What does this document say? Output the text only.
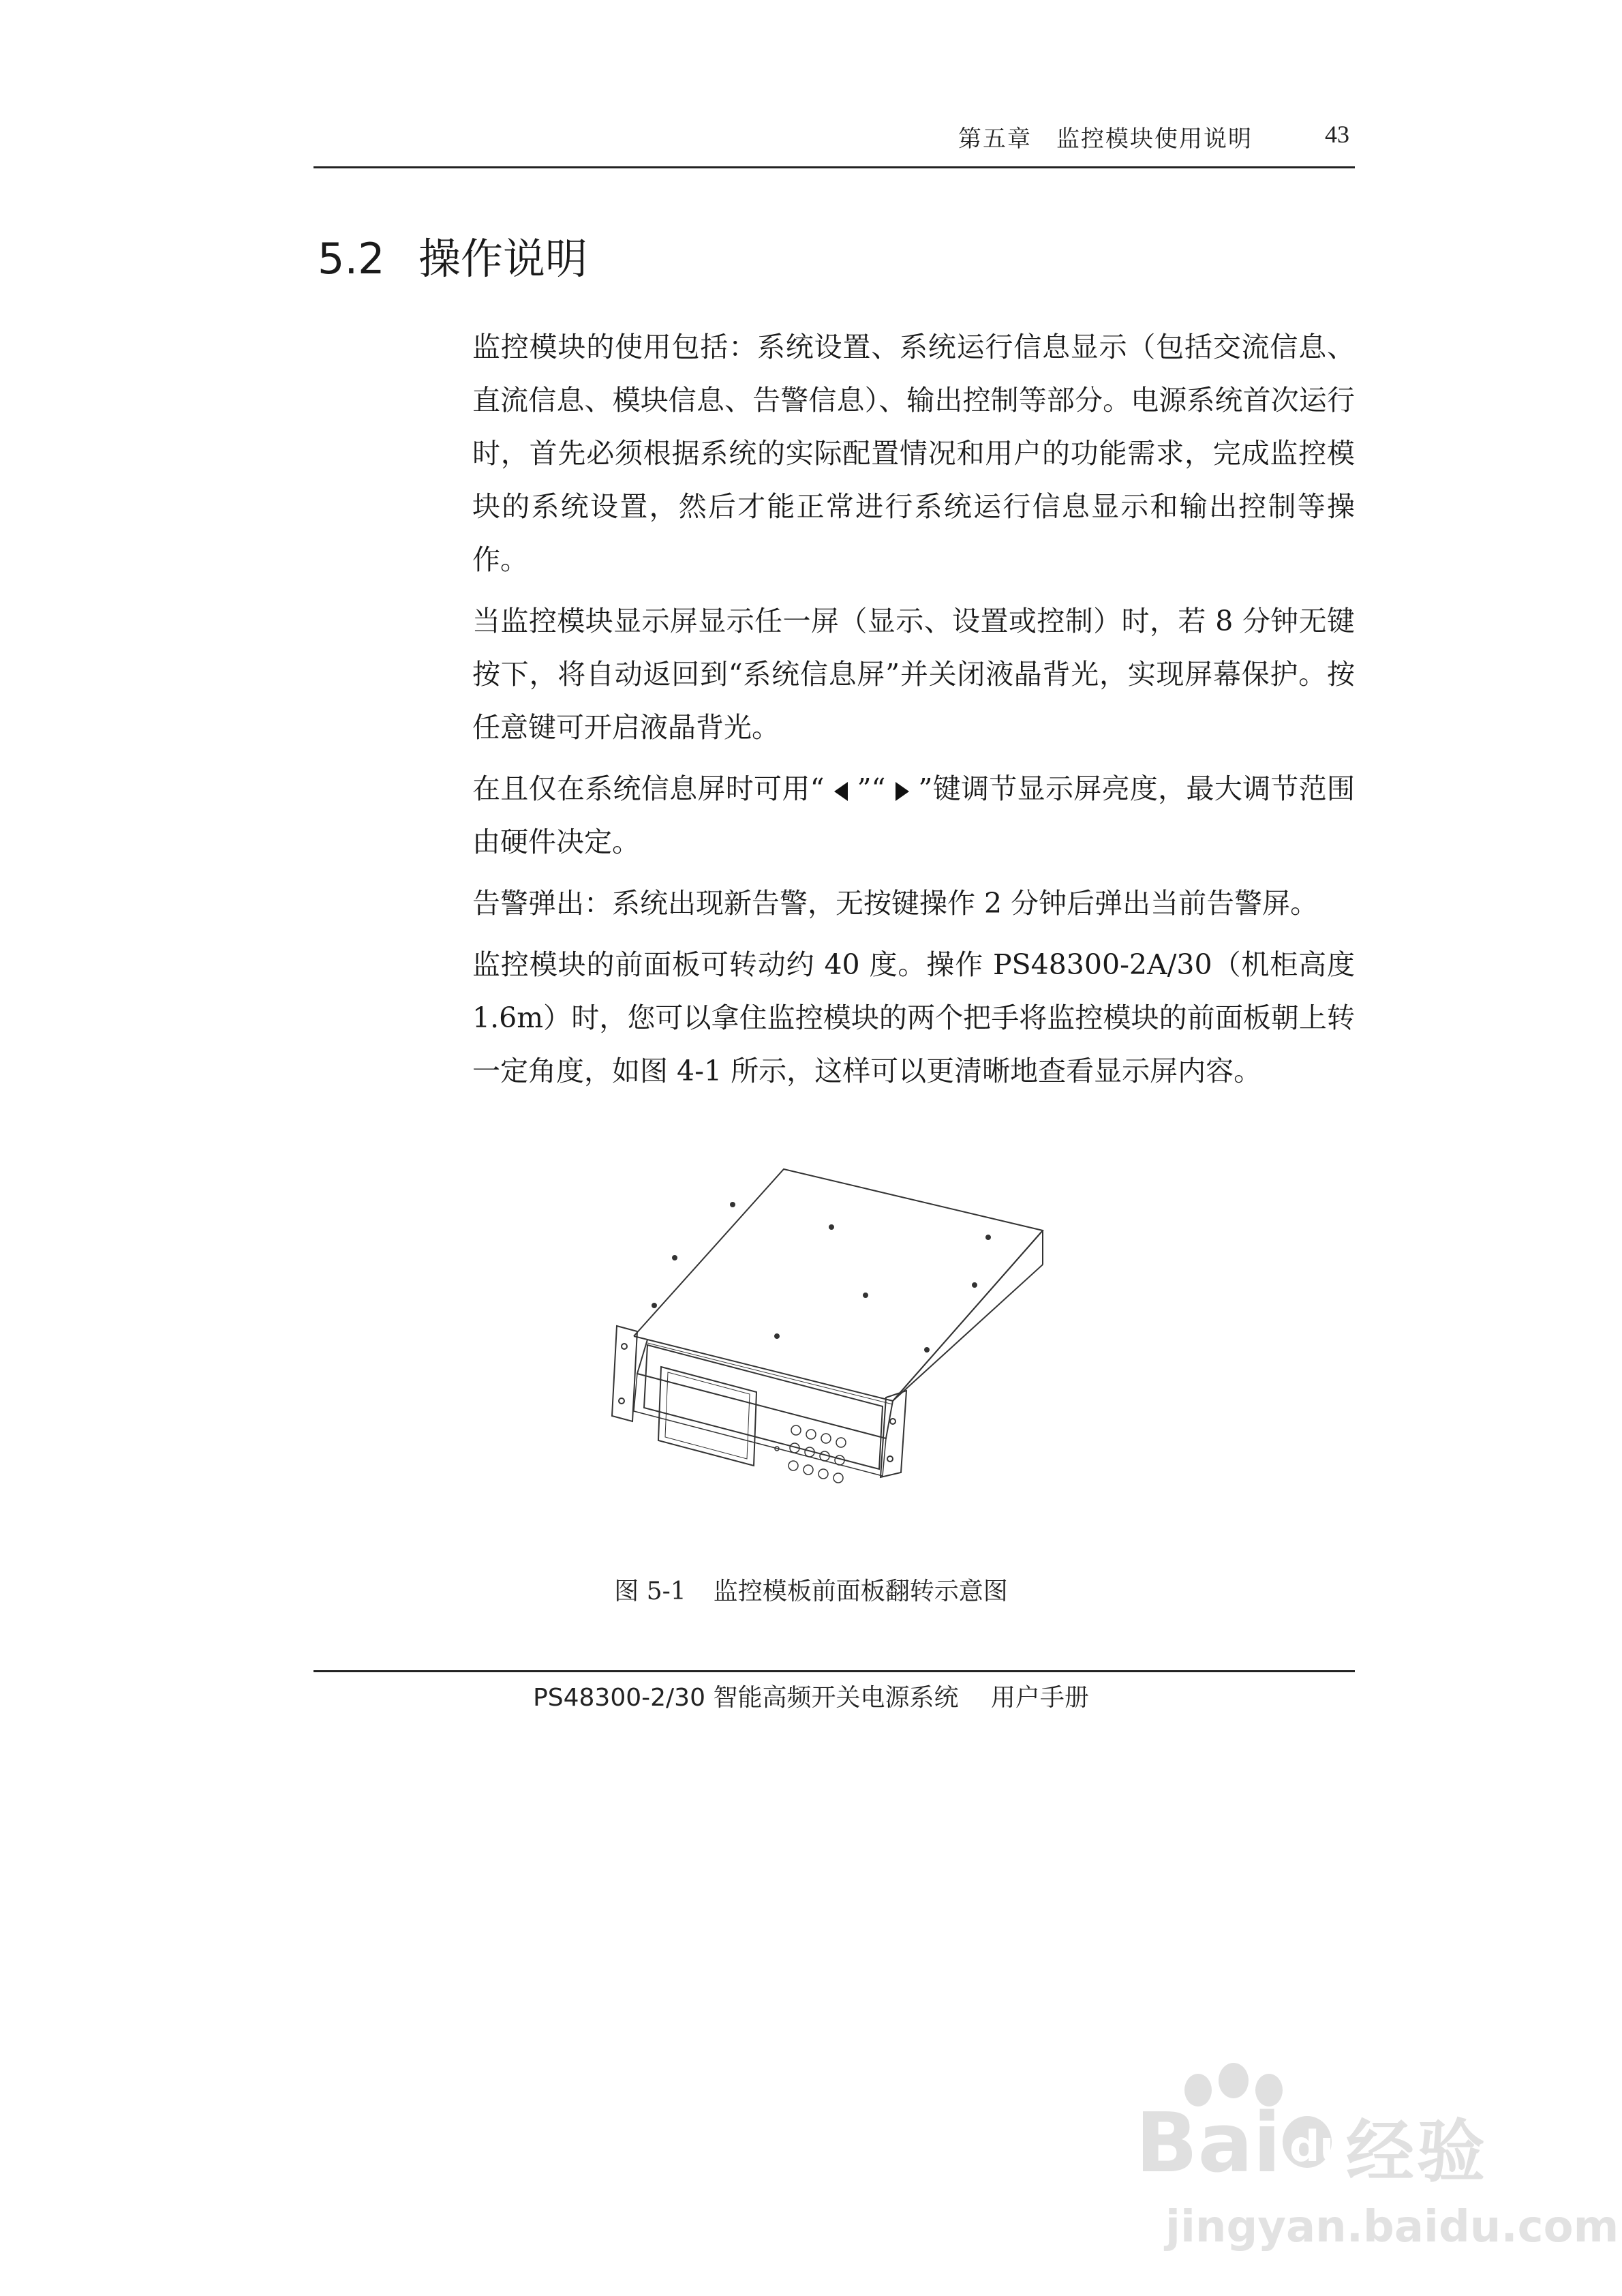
第五章　监控模块使用说明	43
5.2 操作说明

监控模块的使用包括：系统设置、系统运行信息显示（包括交流信息、直流信息、模块信息、告警信息）、输出控制等部分。电源系统首次运行时，首先必须根据系统的实际配置情况和用户的功能需求，完成监控模块的系统设置，然后才能正常进行系统运行信息显示和输出控制等操作。

当监控模块显示屏显示任一屏（显示、设置或控制）时，若 8 分钟无键按下，将自动返回到“系统信息屏”并关闭液晶背光，实现屏幕保护。按任意键可开启液晶背光。

在且仅在系统信息屏时可用“ ”“ ”键调节显示屏亮度，最大调节范围由硬件决定。

告警弹出：系统出现新告警，无按键操作 2 分钟后弹出当前告警屏。

监控模块的前面板可转动约 40 度。操作 PS48300-2A/30（机柜高度 1.6m）时，您可以拿住监控模块的两个把手将监控模块的前面板朝上转一定角度，如图 4-1 所示，这样可以更清晰地查看显示屏内容。

图 5-1 监控模板前面板翻转示意图
PS48300-2/30 智能高频开关电源系统 用户手册
Bai du
经验
jingyan.baidu.com
